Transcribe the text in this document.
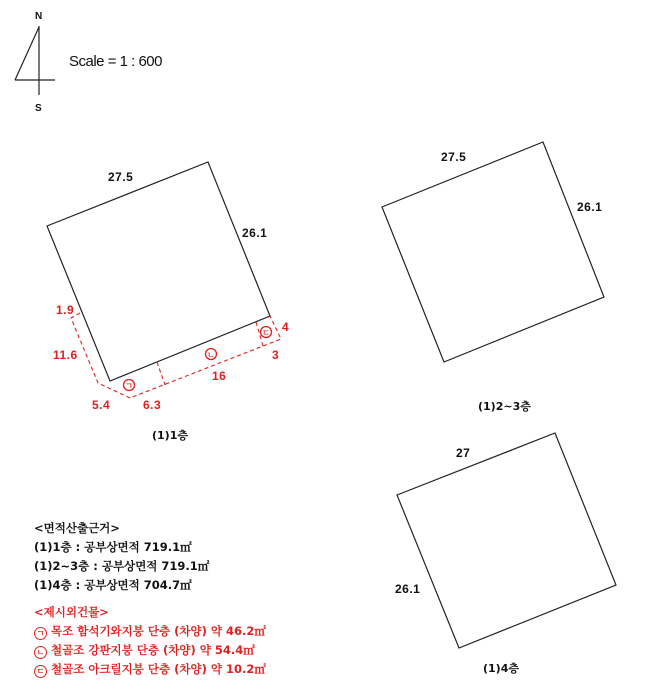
N
S
Scale = 1 : 600
27.5
26.1
1.9
11.6
5.4	6.3
16
3
4
ㄱ
ㄴ
ㄷ
(1)1층
27.5
26.1
(1)2~3층
27
26.1
(1)4층
<면적산출근거>
(1)1층 : 공부상면적 719.1㎡
(1)2~3층 : 공부상면적 719.1㎡
(1)4층 : 공부상면적 704.7㎡
<제시외건물>
ㄱ 목조 함석기와지붕 단층 (차양) 약 46.2㎡
ㄴ 철골조 강판지붕 단층 (차양) 약 54.4㎡
ㄷ 철골조 아크릴지붕 단층 (차양) 약 10.2㎡
